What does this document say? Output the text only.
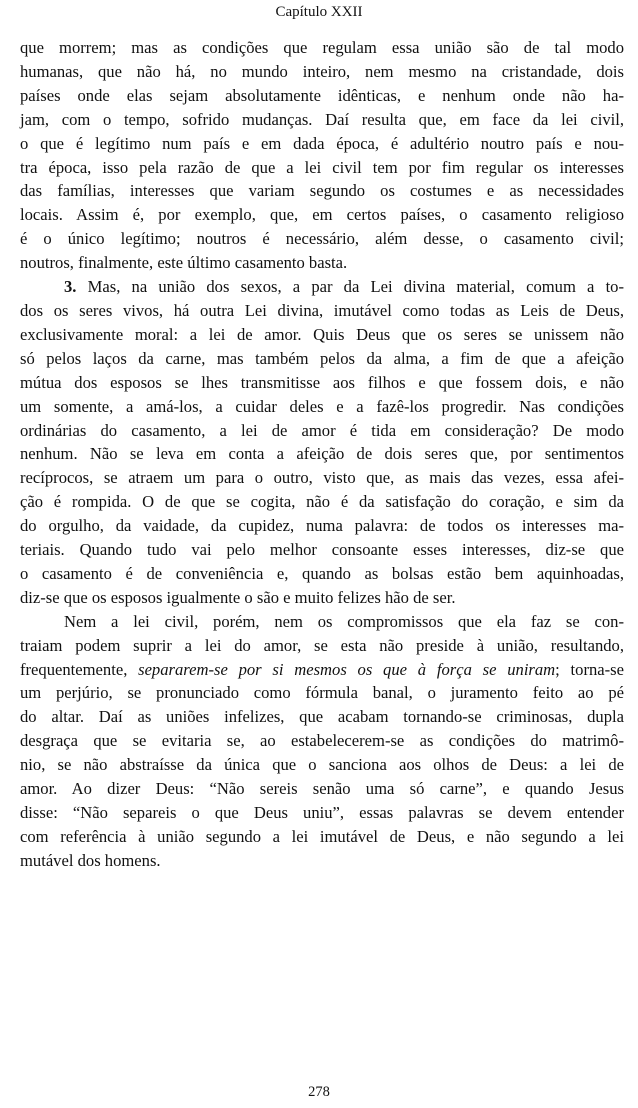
Capítulo XXII
que morrem; mas as condições que regulam essa união são de tal modo
humanas, que não há, no mundo inteiro, nem mesmo na cristandade, dois
países onde elas sejam absolutamente idênticas, e nenhum onde não ha-
jam, com o tempo, sofrido mudanças. Daí resulta que, em face da lei civil,
o que é legítimo num país e em dada época, é adultério noutro país e nou-
tra época, isso pela razão de que a lei civil tem por fim regular os interesses
das famílias, interesses que variam segundo os costumes e as necessidades
locais. Assim é, por exemplo, que, em certos países, o casamento religioso
é o único legítimo; noutros é necessário, além desse, o casamento civil;
noutros, finalmente, este último casamento basta.
3. Mas, na união dos sexos, a par da Lei divina material, comum a to-
dos os seres vivos, há outra Lei divina, imutável como todas as Leis de Deus,
exclusivamente moral: a lei de amor. Quis Deus que os seres se unissem não
só pelos laços da carne, mas também pelos da alma, a fim de que a afeição
mútua dos esposos se lhes transmitisse aos filhos e que fossem dois, e não
um somente, a amá-los, a cuidar deles e a fazê-los progredir. Nas condições
ordinárias do casamento, a lei de amor é tida em consideração? De modo
nenhum. Não se leva em conta a afeição de dois seres que, por sentimentos
recíprocos, se atraem um para o outro, visto que, as mais das vezes, essa afei-
ção é rompida. O de que se cogita, não é da satisfação do coração, e sim da
do orgulho, da vaidade, da cupidez, numa palavra: de todos os interesses ma-
teriais. Quando tudo vai pelo melhor consoante esses interesses, diz-se que
o casamento é de conveniência e, quando as bolsas estão bem aquinhoadas,
diz-se que os esposos igualmente o são e muito felizes hão de ser.
Nem a lei civil, porém, nem os compromissos que ela faz se con-
traiam podem suprir a lei do amor, se esta não preside à união, resultando,
frequentemente, separarem-se por si mesmos os que à força se uniram; torna-se
um perjúrio, se pronunciado como fórmula banal, o juramento feito ao pé
do altar. Daí as uniões infelizes, que acabam tornando-se criminosas, dupla
desgraça que se evitaria se, ao estabelecerem-se as condições do matrimô-
nio, se não abstraísse da única que o sanciona aos olhos de Deus: a lei de
amor. Ao dizer Deus: “Não sereis senão uma só carne”, e quando Jesus
disse: “Não separeis o que Deus uniu”, essas palavras se devem entender
com referência à união segundo a lei imutável de Deus, e não segundo a lei
mutável dos homens.
278
